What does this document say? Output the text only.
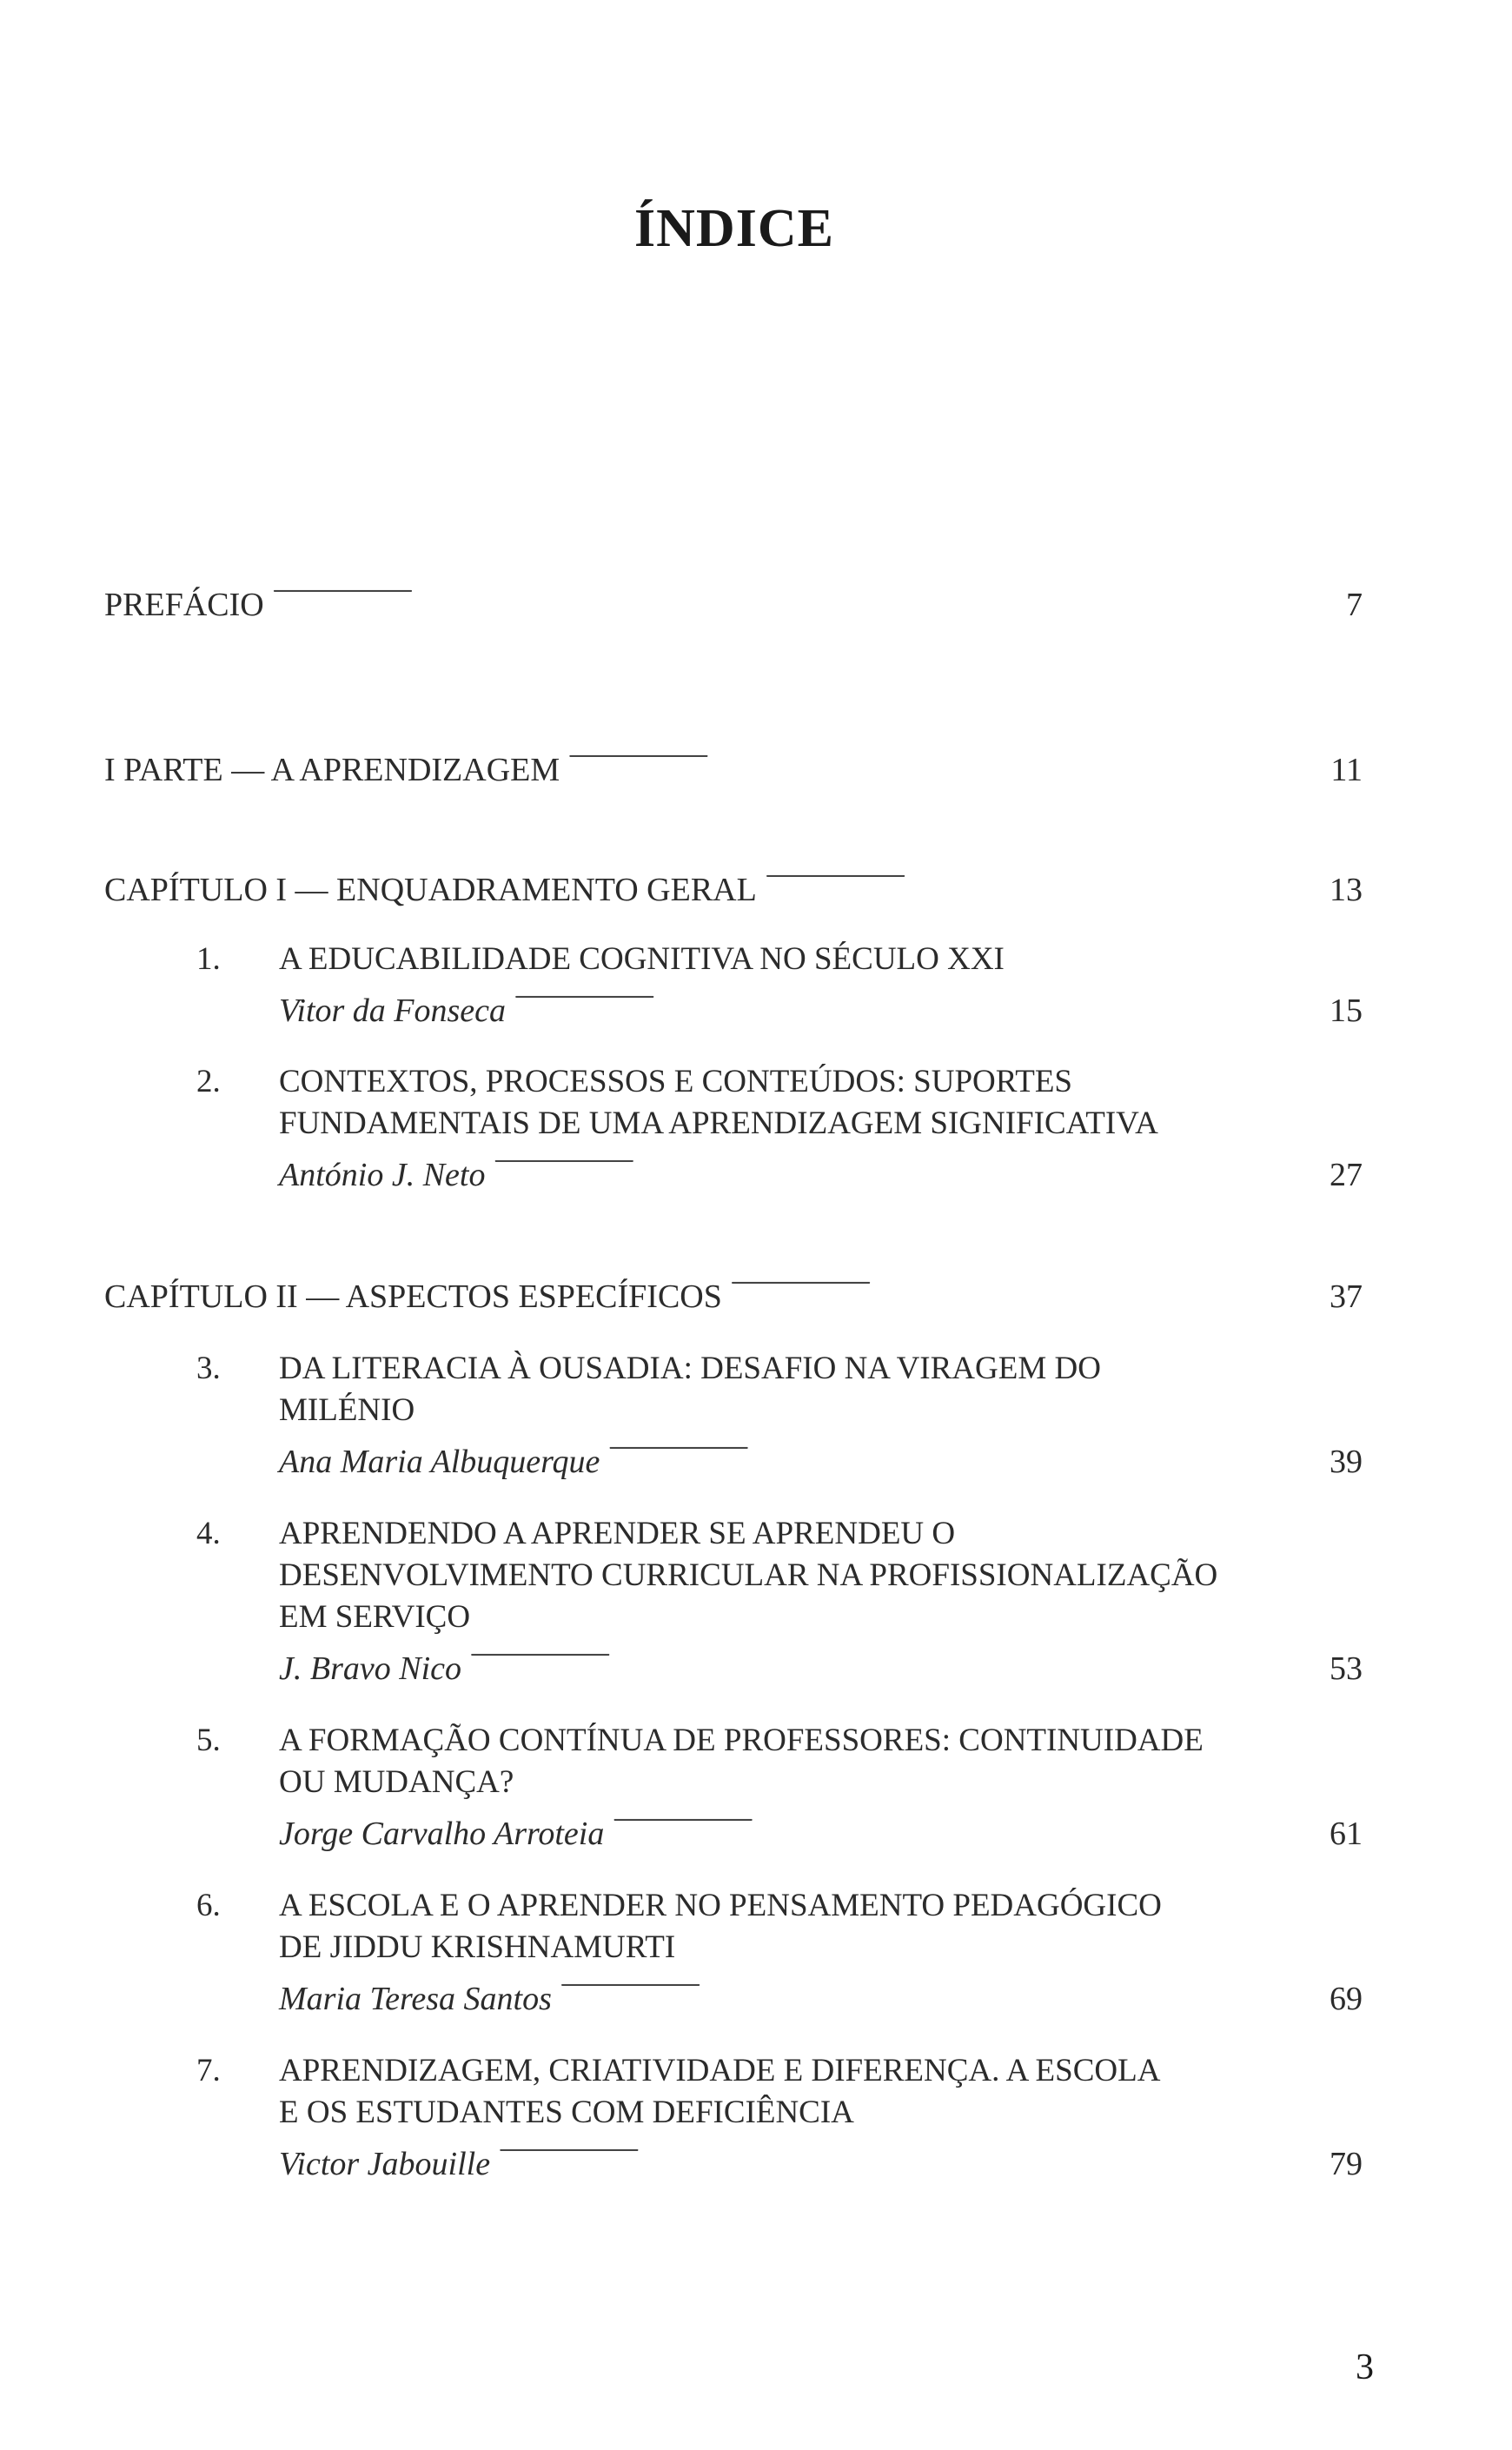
ÍNDICE
PREFÁCIO . . .	7
I PARTE — A APRENDIZAGEM . . .	11
CAPÍTULO I — ENQUADRAMENTO GERAL . . .	13
1. A EDUCABILIDADE COGNITIVA NO SÉCULO XXI
Vitor da Fonseca . . .	15
2. CONTEXTOS, PROCESSOS E CONTEÚDOS: SUPORTES
FUNDAMENTAIS DE UMA APRENDIZAGEM SIGNIFICATIVA
António J. Neto . . .	27
CAPÍTULO II — ASPECTOS ESPECÍFICOS . . .	37
3. DA LITERACIA À OUSADIA: DESAFIO NA VIRAGEM DO
MILÉNIO
Ana Maria Albuquerque . . .	39
4. APRENDENDO A APRENDER SE APRENDEU O
DESENVOLVIMENTO CURRICULAR NA PROFISSIONALIZAÇÃO
EM SERVIÇO
J. Bravo Nico . . .	53
5. A FORMAÇÃO CONTÍNUA DE PROFESSORES: CONTINUIDADE
OU MUDANÇA?
Jorge Carvalho Arroteia . . .	61
6. A ESCOLA E O APRENDER NO PENSAMENTO PEDAGÓGICO
DE JIDDU KRISHNAMURTI
Maria Teresa Santos . . .	69
7. APRENDIZAGEM, CRIATIVIDADE E DIFERENÇA. A ESCOLA
E OS ESTUDANTES COM DEFICIÊNCIA
Victor Jabouille . . .	79
3
